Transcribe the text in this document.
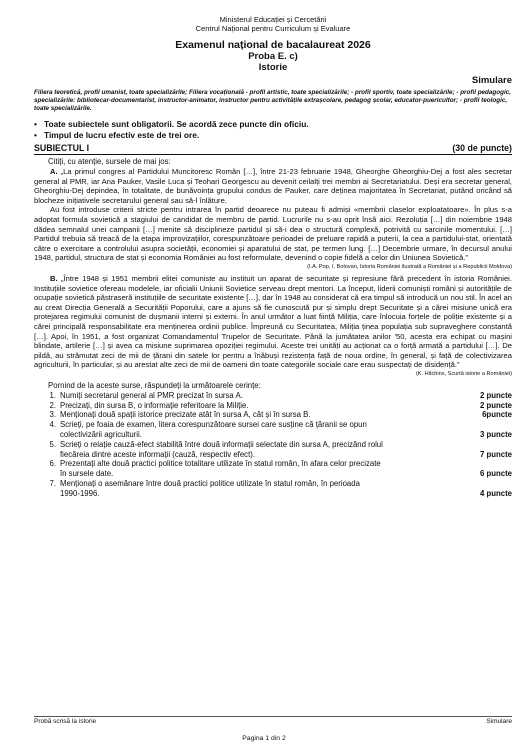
Ministerul Educației și Cercetării
Centrul Național pentru Curriculum și Evaluare
Examenul național de bacalaureat 2026
Proba E. c)
Istorie
Simulare
Filiera teoretică, profil umanist, toate specializările; Filiera vocațională - profil artistic, toate specializările; - profil sportiv, toate specializările; - profil pedagogic, specializările: bibliotecar-documentarist, instructor-animator, instructor pentru activitățile extrașcolare, pedagog școlar, educator-puericultor; - profil teologic, toate specializările.
• Toate subiectele sunt obligatorii. Se acordă zece puncte din oficiu.
• Timpul de lucru efectiv este de trei ore.
SUBIECTUL I	(30 de puncte)
Citiți, cu atenție, sursele de mai jos:

A. „La primul congres al Partidului Muncitoresc Român […], între 21-23 februarie 1948, Gheorghe Gheorghiu-Dej a fost ales secretar general al PMR, iar Ana Pauker, Vasile Luca și Teohari Georgescu au devenit ceilalți trei membri ai Secretariatului. Deși era secretar general, Gheorghiu-Dej depindea, în totalitate, de bunăvoința grupului condus de Pauker, care deținea majoritatea în Secretariat, putând oricând să blocheze inițiativele secretarului general sau să-l înlăture.

Au fost introduse criterii stricte pentru intrarea în partid deoarece nu puteau fi admiși «membrii claselor exploatatoare». În plus s-a adoptat formula sovietică a stagiului de candidat de membru de partid. Lucrurile nu s-au oprit însă aici. Rezoluția […] din noiembrie 1948 dădea semnalul unei campanii […] menite să disciplineze partidul și să-i dea o structură complexă, potrivită cu sarcinile momentului. […] Partidul trebuia să treacă de la etapa improvizațiilor, corespunzătoare perioadei de preluare rapidă a puterii, la cea a partidului-stat, orientată către o exercitare a controlului asupra societății, economiei și aparatului de stat, pe termen lung. […] Decembrie urmare, în decursul anului 1948, partidul, structura de stat și economia României au fost reformulate, devenind o copie fidelă a celor din Uniunea Sovietică.”

(I.A. Pop, I. Bolovan, Istoria României ilustrată a României și a Republicii Moldova)

B. „Între 1948 și 1951 membrii elitei comuniste au instituit un aparat de securitate și represiune fără precedent în istoria României. Instituțiile sovietice ofereau modelele, iar oficialii Uniunii Sovietice serveau drept mentori. La început, liderii comuniști români și autoritățile de ocupație sovietică păstraseră instituțiile de securitate existente […], dar în 1948 au considerat că era timpul să introducă un nou stil. În acel an au creat Direcția Generală a Securității Poporului, care a ajuns să fie cunoscută pur și simplu drept Securitate și a cărei misiune unică era protejarea regimului comunist de dușmanii interni și externi. În anul următor a luat ființă Miliția, care înlocuia forțele de poliție existente și a cărei principală responsabilitate era menținerea ordinii publice. Împreună cu Securitatea, Miliția ținea populația sub supraveghere constantă […]. Apoi, în 1951, a fost organizat Comandamentul Trupelor de Securitate. Până la jumătatea anilor '50, acesta era echipat cu mașini blindate, artilerie […] și avea ca misiune suprimarea opoziției regimului. Aceste trei unități au acționat ca o forță armată a partidului […]. De pildă, au strămutat zeci de mii de țărani din satele lor pentru a înăbuși rezistența față de noua ordine, în general, și față de colectivizarea agriculturii, în particular, și au arestat alte zeci de mii de oameni din toate categoriile sociale care erau suspectați de disidență.”

(K. Hitchins, Scurtă istorie a României)
Pornind de la aceste surse, răspundeți la următoarele cerințe:
1. Numiți secretarul general al PMR precizat în sursa A.	2 puncte
2. Precizați, din sursa B, o informație referitoare la Miliție.	2 puncte
3. Menționați două spații istorice precizate atât în sursa A, cât și în sursa B.	6puncte
4. Scrieți, pe foaia de examen, litera corespunzătoare sursei care susține că țăranii se opun
colectivizării agriculturii.	3 puncte
5. Scrieți o relație cauză-efect stabilită între două informații selectate din sursa A, precizând rolul
fiecăreia dintre aceste informații (cauză, respectiv efect).	7 puncte
6. Prezentați alte două practici politice totalitare utilizate în statul român, în afara celor precizate
în sursele date.	6 puncte
7. Menționați o asemănare între două practici politice utilizate în statul român, în perioada
1990-1996.	4 puncte
Probă scrisă la istorie	Simulare
Pagina 1 din 2
